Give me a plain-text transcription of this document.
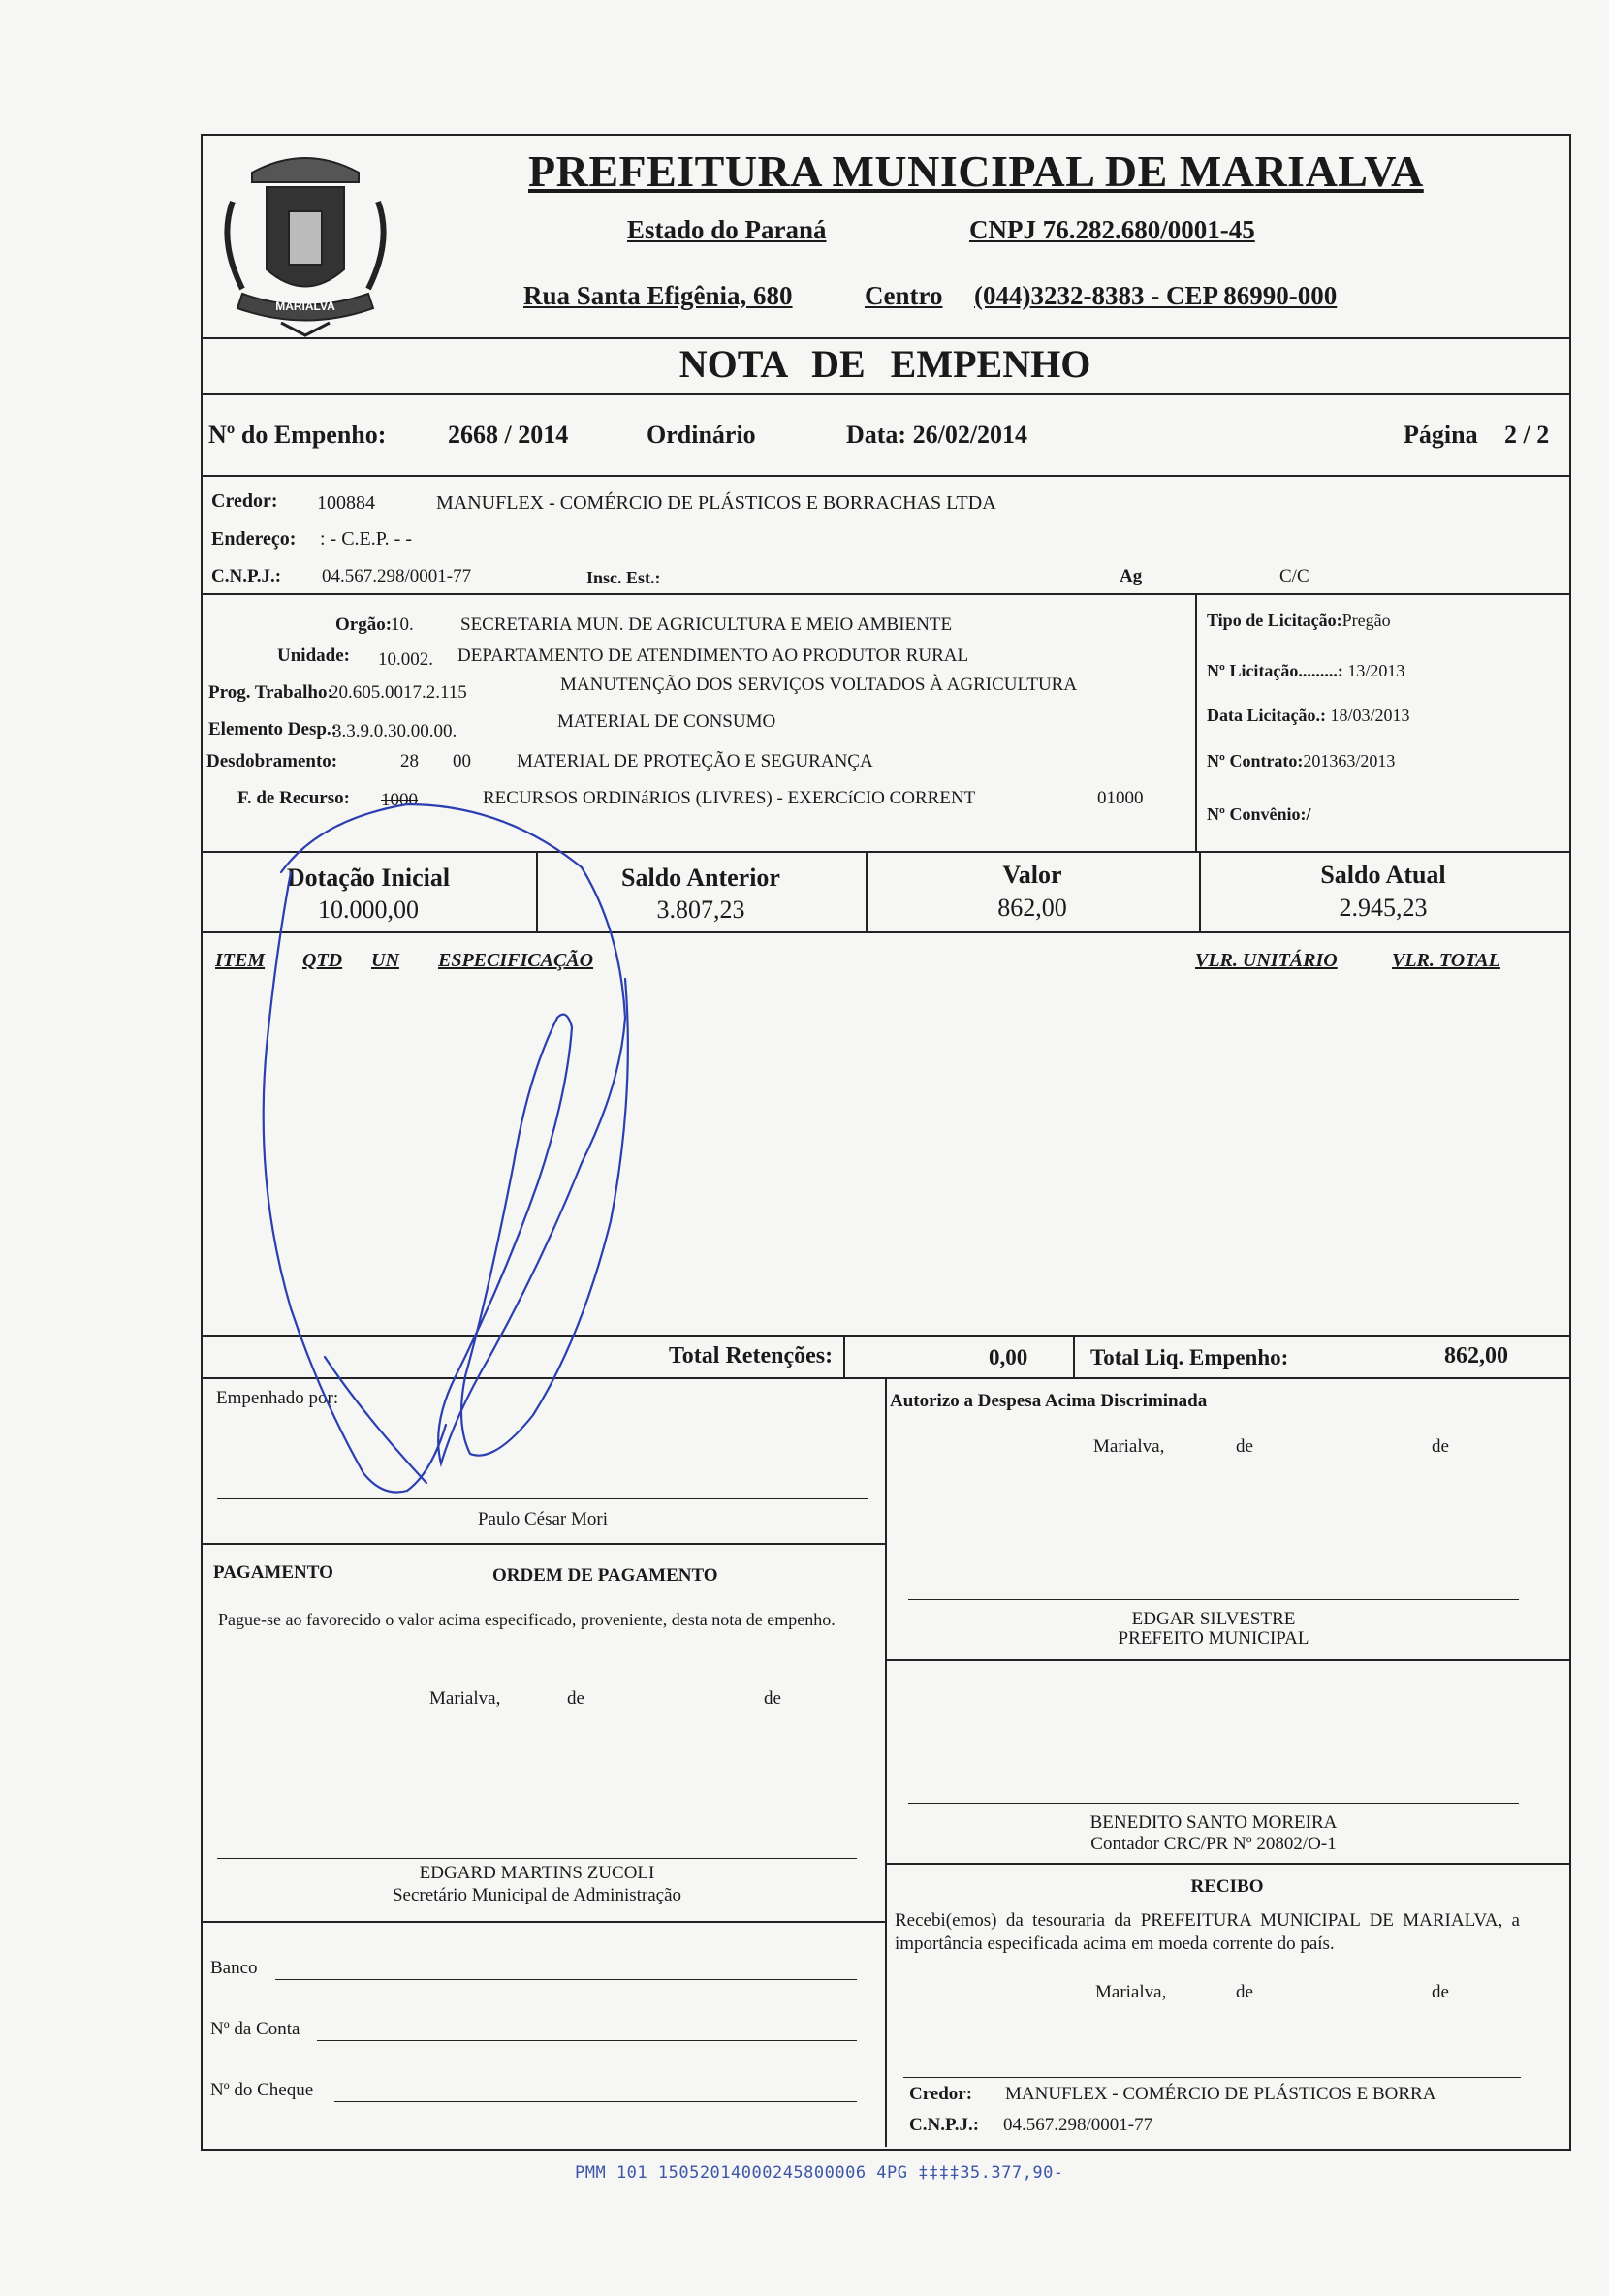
MARIALVA
PREFEITURA MUNICIPAL DE MARIALVA
Estado do Paraná	CNPJ 76.282.680/0001-45
Rua Santa Efigênia, 680	Centro (044)3232-8383 - CEP 86990-000
NOTA DE EMPENHO
Nº do Empenho: 2668 / 2014	Ordinário	Data: 26/02/2014	Página 2 / 2
Credor: 100884	MANUFLEX - COMÉRCIO DE PLÁSTICOS E BORRACHAS LTDA
Endereço: : - C.E.P. - -
C.N.P.J.: 04.567.298/0001-77	Insc. Est.:	Ag	C/C
Orgão:
10.	SECRETARIA MUN. DE AGRICULTURA E MEIO AMBIENTE
Unidade: 10.002. DEPARTAMENTO DE ATENDIMENTO AO PRODUTOR RURAL
Prog. Trabalho:
20.605.0017.2.115	MANUTENÇÃO DOS SERVIÇOS VOLTADOS À AGRICULTURA
Elemento Desp.:
3.3.9.0.30.00.00.	MATERIAL DE CONSUMO
Desdobramento:	28 00 MATERIAL DE PROTEÇÃO E SEGURANÇA
F. de Recurso: 1000	RECURSOS ORDINáRIOS (LIVRES) - EXERCíCIO CORRENT	01000
Tipo de Licitação:Pregão
Nº Licitação.........: 13/2013
Data Licitação.: 18/03/2013
Nº Contrato:201363/2013
Nº Convênio:/
Dotação Inicial
10.000,00
Saldo Anterior
3.807,23
Valor
862,00
Saldo Atual
2.945,23
ITEM QTD UN ESPECIFICAÇÃO	VLR. UNITÁRIO	VLR. TOTAL
Total Retenções:	0,00	Total Liq. Empenho:	862,00
Empenhado por:
Paulo César Mori
Autorizo a Despesa Acima Discriminada
Marialva,	de	de
PAGAMENTO	ORDEM DE PAGAMENTO
Pague-se ao favorecido o valor acima especificado, proveniente, desta nota de empenho.
Marialva,	de	de
EDGAR SILVESTRE
PREFEITO MUNICIPAL
BENEDITO SANTO MOREIRA
Contador CRC/PR Nº 20802/O-1
EDGARD MARTINS ZUCOLI
Secretário Municipal de Administração	RECIBO
Recebi(emos) da tesouraria da PREFEITURA MUNICIPAL DE MARIALVA, a importância especificada acima em moeda corrente do país.
Marialva,	de	de
Banco
Nº da Conta
Nº do Cheque	Credor: MANUFLEX - COMÉRCIO DE PLÁSTICOS E BORRA
C.N.P.J.: 04.567.298/0001-77
PMM 101 15052014000245800006 4PG ‡‡‡‡35.377,90-
